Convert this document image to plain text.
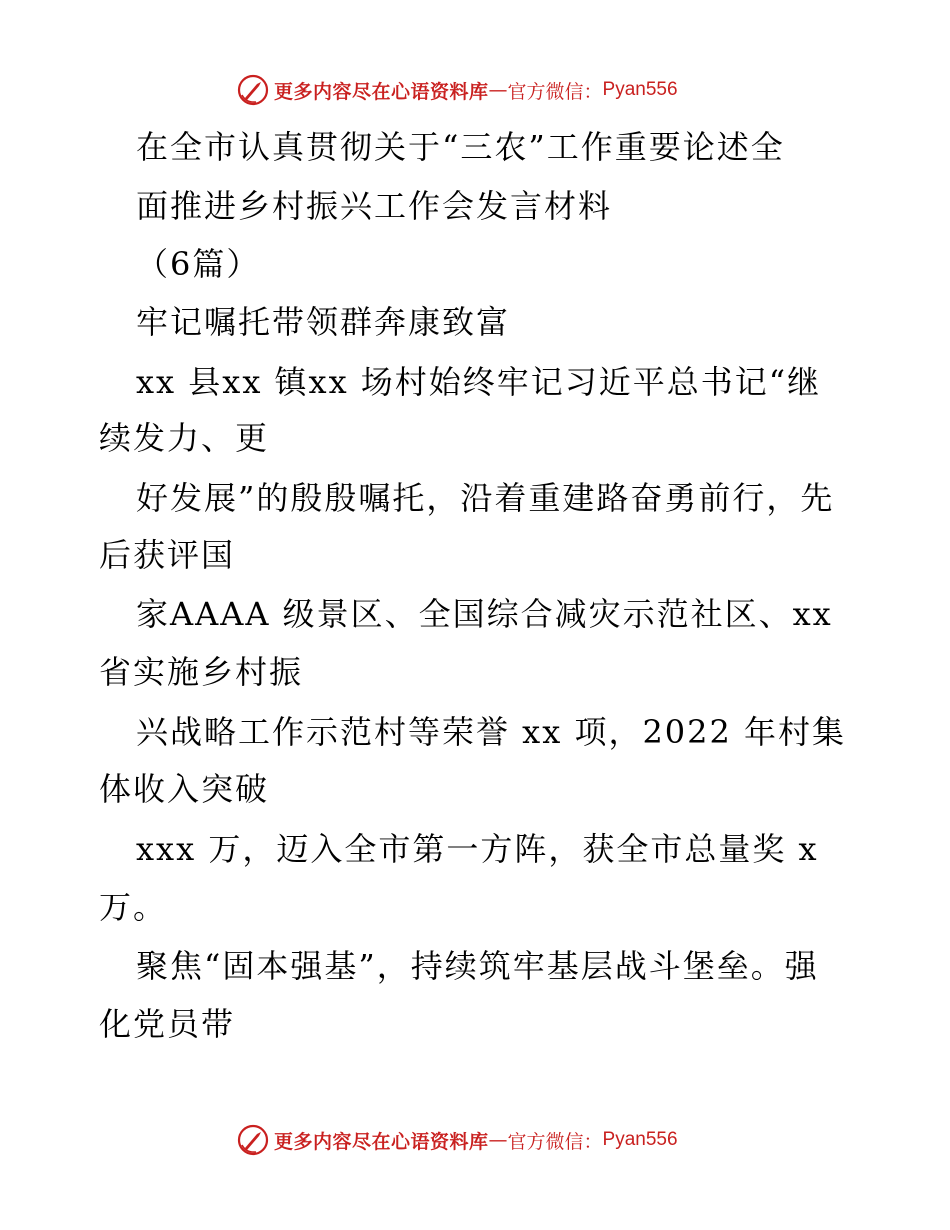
更多内容尽在心语资料库 — 官方微信： Pyan556
在全市认真贯彻关于“三农”工作重要论述全
面推进乡村振兴工作会发言材料
（6篇）
牢记嘱托带领群奔康致富
xx 县xx 镇xx 场村始终牢记习近平总书记“继
续发力、更
好发展”的殷殷嘱托，沿着重建路奋勇前行，先
后获评国
家AAAA 级景区、全国综合减灾示范社区、xx
省实施乡村振
兴战略工作示范村等荣誉 xx 项，2022 年村集
体收入突破
xxx 万，迈入全市第一方阵，获全市总量奖 x
万。
聚焦“固本强基”，持续筑牢基层战斗堡垒。强
化党员带
更多内容尽在心语资料库 — 官方微信： Pyan556
